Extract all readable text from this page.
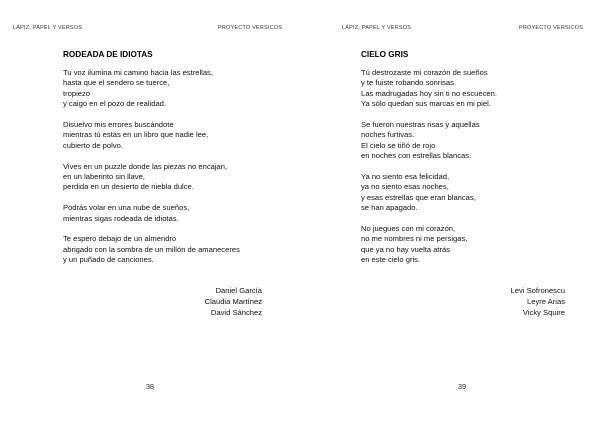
LÁPIZ, PAPEL Y VERSOS	PROYECTO VERSICOS
RODEADA DE IDIOTAS
Tu voz ilumina mi camino hacia las estrellas,
hasta que el sendero se tuerce,
tropiezo
y caigo en el pozo de realidad.
Disuelvo mis errores buscándote
mientras tú estás en un libro que nadie lee,
cubierto de polvo.
Vives en un puzzle donde las piezas no encajan,
en un laberinto sin llave,
perdida en un desierto de niebla dulce.
Podrás volar en una nube de sueños,
mientras sigas rodeada de idiotas.
Te espero debajo de un almendro
abrigado con la sombra de un millón de amaneceres
y un puñado de canciones.
Daniel García
Claudia Martínez
David Sánchez
38
LÁPIZ, PAPEL Y VERSOS	PROYECTO VERSICOS
CIELO GRIS
Tú destrozaste mi corazón de sueños
y te fuiste robando sonrisas.
Las madrugadas hoy sin ti no escuecen.
Ya sólo quedan sus marcas en mi piel.
Se fueron nuestras risas y aquellas
noches furtivas.
El cielo se tiñó de rojo
en noches con estrellas blancas.
Ya no siento esa felicidad,
ya no siento esas noches,
y esas estrellas que eran blancas,
se han apagado.
No juegues con mi corazón,
no me nombres ni me persigas,
que ya no hay vuelta atrás
en este cielo gris.
Levi Sofronescu
Leyre Arias
Vicky Squire
39
